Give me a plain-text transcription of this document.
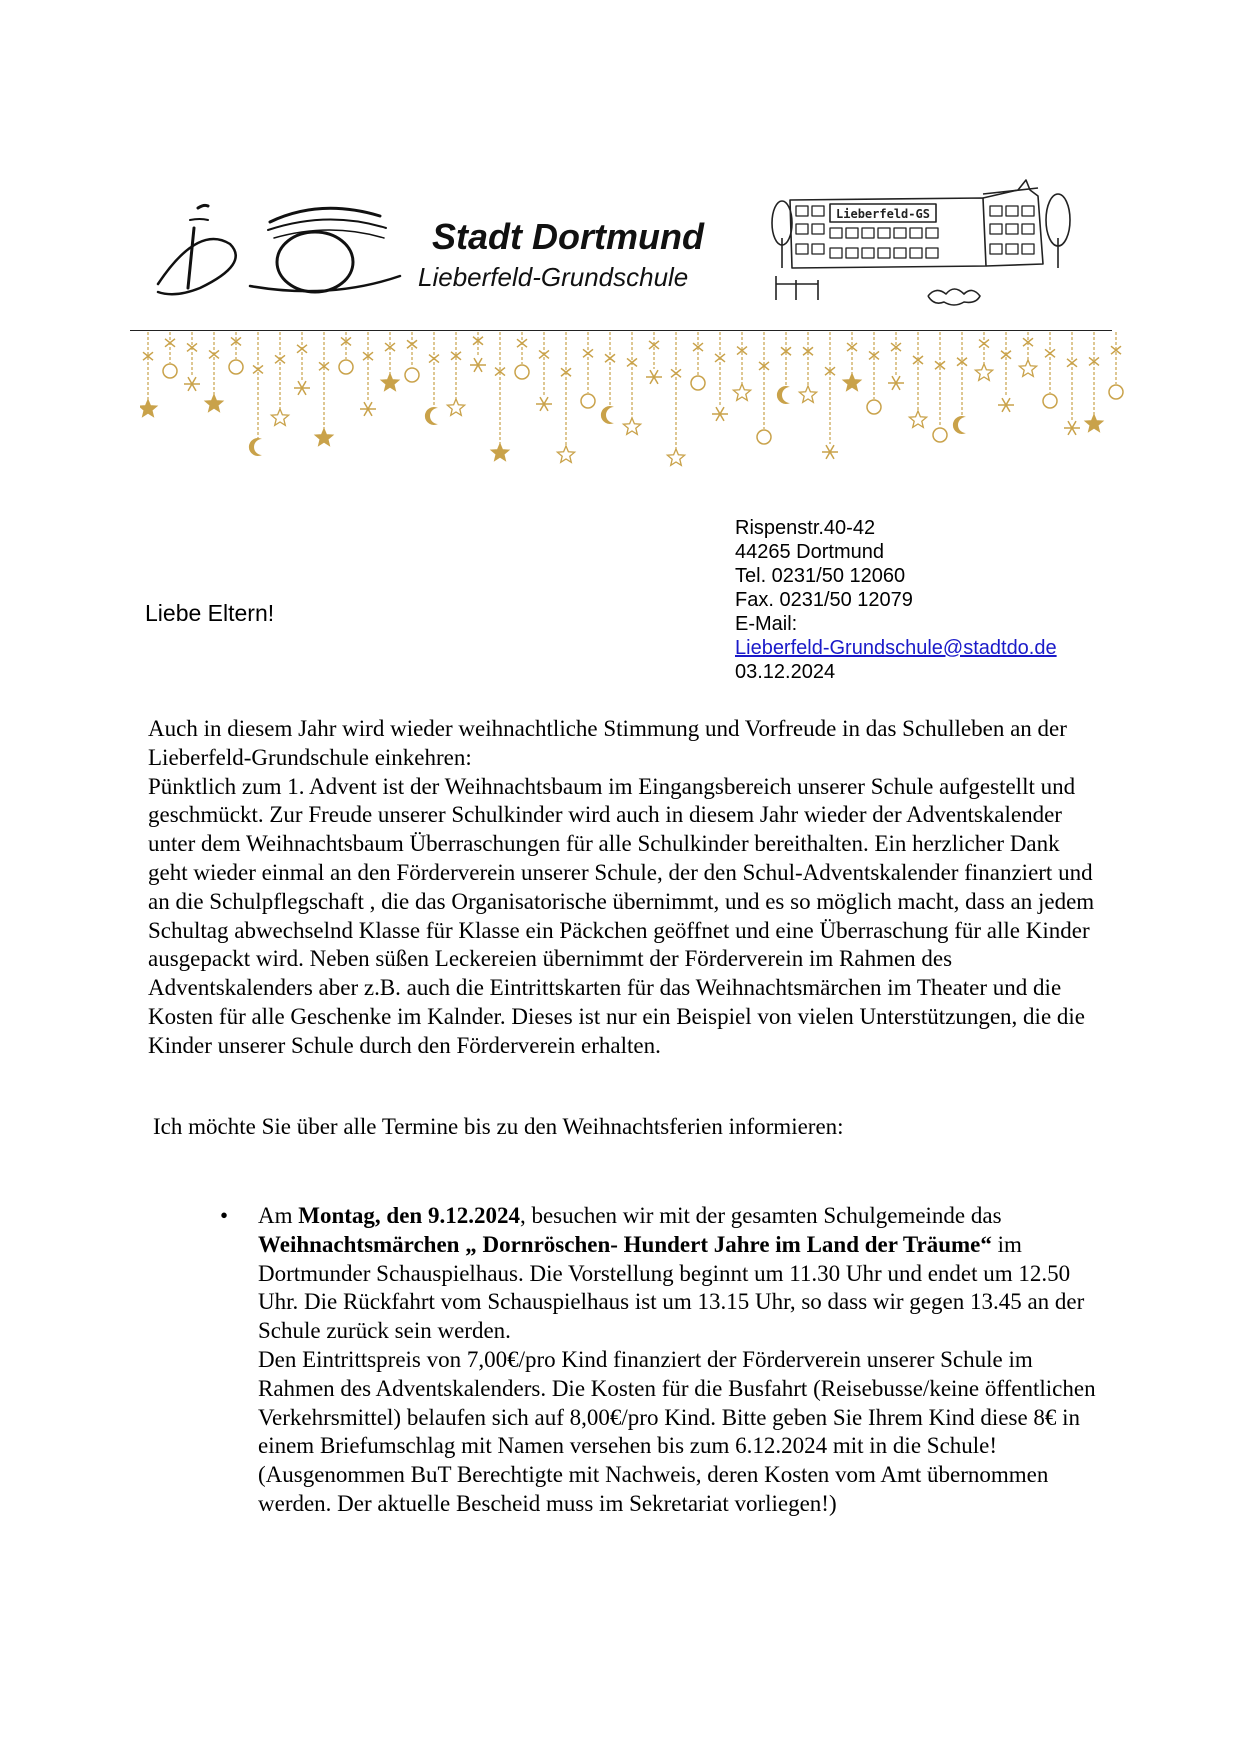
Stadt Dortmund
Lieberfeld-Grundschule
Lieberfeld-GS
Rispenstr.40-42
44265 Dortmund
Tel. 0231/50 12060
Fax. 0231/50 12079
E-Mail:
Lieberfeld-Grundschule@stadtdo.de
03.12.2024
Liebe Eltern!

Auch in diesem Jahr wird wieder weihnachtliche Stimmung und Vorfreude in das Schulleben an der Lieberfeld-Grundschule einkehren:

Pünktlich zum 1. Advent ist der Weihnachtsbaum im Eingangsbereich unserer Schule aufgestellt und geschmückt. Zur Freude unserer Schulkinder wird auch in diesem Jahr wieder der Adventskalender unter dem Weihnachtsbaum Überraschungen für alle Schulkinder bereithalten. Ein herzlicher Dank geht wieder einmal an den Förderverein unserer Schule, der den Schul-Adventskalender finanziert und an die Schulpflegschaft , die das Organisatorische übernimmt, und es so möglich macht, dass an jedem Schultag abwechselnd Klasse für Klasse ein Päckchen geöffnet und eine Überraschung für alle Kinder ausgepackt wird. Neben süßen Leckereien übernimmt der Förderverein im Rahmen des Adventskalenders aber z.B. auch die Eintrittskarten für das Weihnachtsmärchen im Theater und die Kosten für alle Geschenke im Kalnder. Dieses ist nur ein Beispiel von vielen Unterstützungen, die die Kinder unserer Schule durch den Förderverein erhalten.

Ich möchte Sie über alle Termine bis zu den Weihnachtsferien informieren:
•	Am Montag, den 9.12.2024, besuchen wir mit der gesamten Schulgemeinde das Weihnachtsmärchen „ Dornröschen- Hundert Jahre im Land der Träume“ im Dortmunder Schauspielhaus. Die Vorstellung beginnt um 11.30 Uhr und endet um 12.50 Uhr. Die Rückfahrt vom Schauspielhaus ist um 13.15 Uhr, so dass wir gegen 13.45 an der Schule zurück sein werden.

Den Eintrittspreis von 7,00€/pro Kind finanziert der Förderverein unserer Schule im Rahmen des Adventskalenders. Die Kosten für die Busfahrt (Reisebusse/keine öffentlichen Verkehrsmittel) belaufen sich auf 8,00€/pro Kind. Bitte geben Sie Ihrem Kind diese 8€ in einem Briefumschlag mit Namen versehen bis zum 6.12.2024 mit in die Schule! (Ausgenommen BuT Berechtigte mit Nachweis, deren Kosten vom Amt übernommen werden. Der aktuelle Bescheid muss im Sekretariat vorliegen!)
